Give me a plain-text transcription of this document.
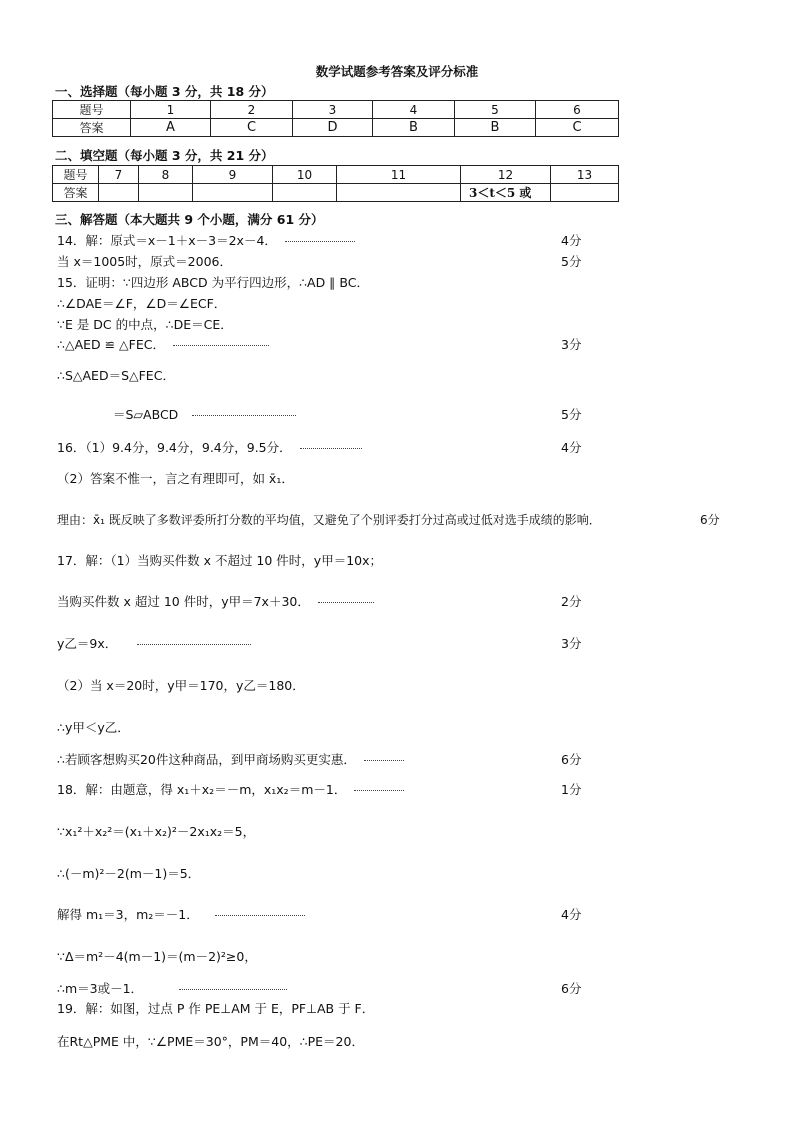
数学试题参考答案及评分标准
一、选择题（每小题 3 分，共 18 分）
题号	1	2	3	4	5	6
答案	A	C	D	B	B	C
二、填空题（每小题 3 分，共 21 分）
题号	7	8	9	10	11	12	13
答案						3＜t＜5 或	
三、解答题（本大题共 9 个小题，满分 61 分）
14．解：原式＝x－1＋x－3＝2x－4．	4分
当 x＝1005时，原式＝2006．	5分
15．证明：∵四边形 ABCD 为平行四边形，∴AD ∥ BC．
∴∠DAE＝∠F，∠D＝∠ECF．
∵E 是 DC 的中点，∴DE＝CE．
∴△AED ≌ △FEC．	3分
∴S△AED＝S△FEC．
＝S▱ABCD	5分
16．（1）9.4分，9.4分，9.4分，9.5分．	4分
（2）答案不惟一，言之有理即可，如 x̄₁．
理由：x̄₁ 既反映了多数评委所打分数的平均值，又避免了个别评委打分过高或过低对选手成绩的影响．	6分
17．解：（1）当购买件数 x 不超过 10 件时，y甲＝10x；
当购买件数 x 超过 10 件时，y甲＝7x＋30．	2分
y乙＝9x．	3分
（2）当 x＝20时，y甲＝170，y乙＝180．
∴y甲＜y乙．
∴若顾客想购买20件这种商品，到甲商场购买更实惠．	6分
18．解：由题意，得 x₁＋x₂＝－m，x₁x₂＝m－1．	1分
∵x₁²＋x₂²＝(x₁＋x₂)²－2x₁x₂＝5，
∴(－m)²－2(m－1)＝5．
解得 m₁＝3，m₂＝－1．	4分
∵Δ＝m²－4(m－1)＝(m－2)²≥0，
∴m＝3或－1．	6分
19．解：如图，过点 P 作 PE⊥AM 于 E，PF⊥AB 于 F．
在Rt△PME 中，∵∠PME＝30°，PM＝40，∴PE＝20．
